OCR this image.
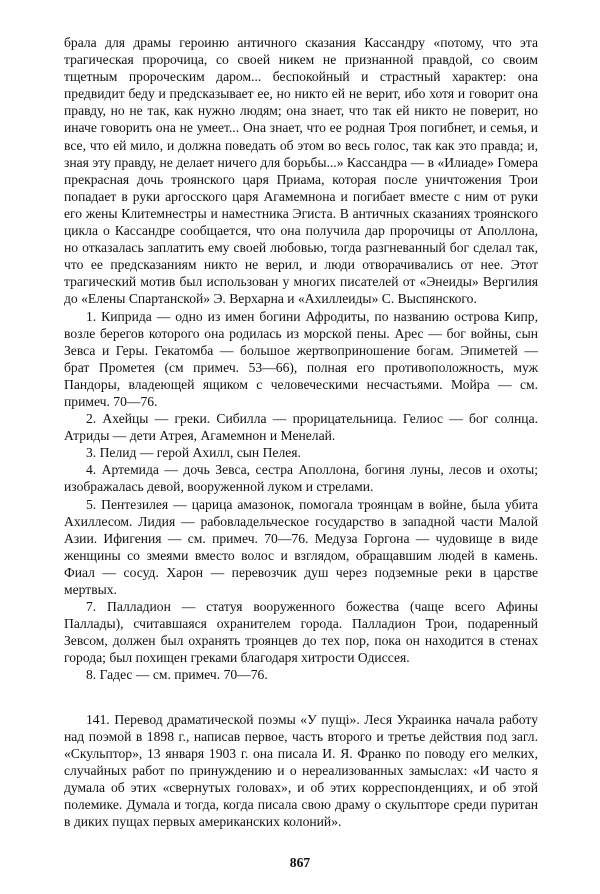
брала для драмы героиню античного сказания Кассандру «потому, что эта трагическая пророчица, со своей никем не признанной правдой, со своим тщетным пророческим даром... беспокойный и страстный характер: она предвидит беду и предсказывает ее, но никто ей не верит, ибо хотя и говорит она правду, но не так, как нужно людям; она знает, что так ей никто не поверит, но иначе говорить она не умеет... Она знает, что ее родная Троя погибнет, и семья, и все, что ей мило, и должна поведать об этом во весь голос, так как это правда; и, зная эту правду, не делает ничего для борьбы...» Кассандра — в «Илиаде» Гомера прекрасная дочь троянского царя Приама, которая после уничтожения Трои попадает в руки аргосского царя Агамемнона и погибает вместе с ним от руки его жены Клитемнестры и наместника Эгиста. В античных сказаниях троянского цикла о Кассандре сообщается, что она получила дар пророчицы от Аполлона, но отказалась заплатить ему своей любовью, тогда разгневанный бог сделал так, что ее предсказаниям никто не верил, и люди отворачивались от нее. Этот трагический мотив был использован у многих писателей от «Энеиды» Вергилия до «Елены Спартанской» Э. Верхарна и «Ахиллеиды» С. Выспянского.

1. Киприда — одно из имен богини Афродиты, по названию острова Кипр, возле берегов которого она родилась из морской пены. Арес — бог войны, сын Зевса и Геры. Гекатомба — большое жертвоприношение богам. Эпиметей — брат Прометея (см примеч. 53—66), полная его противоположность, муж Пандоры, владеющей ящиком с человеческими несчастьями. Мойра — см. примеч. 70—76.

2. Ахейцы — греки. Сибилла — прорицательница. Гелиос — бог солнца. Атриды — дети Атрея, Агамемнон и Менелай.

3. Пелид — герой Ахилл, сын Пелея.

4. Артемида — дочь Зевса, сестра Аполлона, богиня луны, лесов и охоты; изображалась девой, вооруженной луком и стрелами.

5. Пентезилея — царица амазонок, помогала троянцам в войне, была убита Ахиллесом. Лидия — рабовладельческое государство в западной части Малой Азии. Ифигения — см. примеч. 70—76. Медуза Горгона — чудовище в виде женщины со змеями вместо волос и взглядом, обращавшим людей в камень. Фиал — сосуд. Харон — перевозчик душ через подземные реки в царстве мертвых.

7. Палладион — статуя вооруженного божества (чаще всего Афины Паллады), считавшаяся охранителем города. Палладион Трои, подаренный Зевсом, должен был охранять троянцев до тех пор, пока он находится в стенах города; был похищен греками благодаря хитрости Одиссея.

8. Гадес — см. примеч. 70—76.

141. Перевод драматической поэмы «У пущі». Леся Украинка начала работу над поэмой в 1898 г., написав первое, часть второго и третье действия под загл. «Скульптор», 13 января 1903 г. она писала И. Я. Франко по поводу его мелких, случайных работ по принуждению и о нереализованных замыслах: «И часто я думала об этих «свернутых головах», и об этих корреспонденциях, и об этой полемике. Думала и тогда, когда писала свою драму о скульпторе среди пуритан в диких пущах первых американских колоний».

867
